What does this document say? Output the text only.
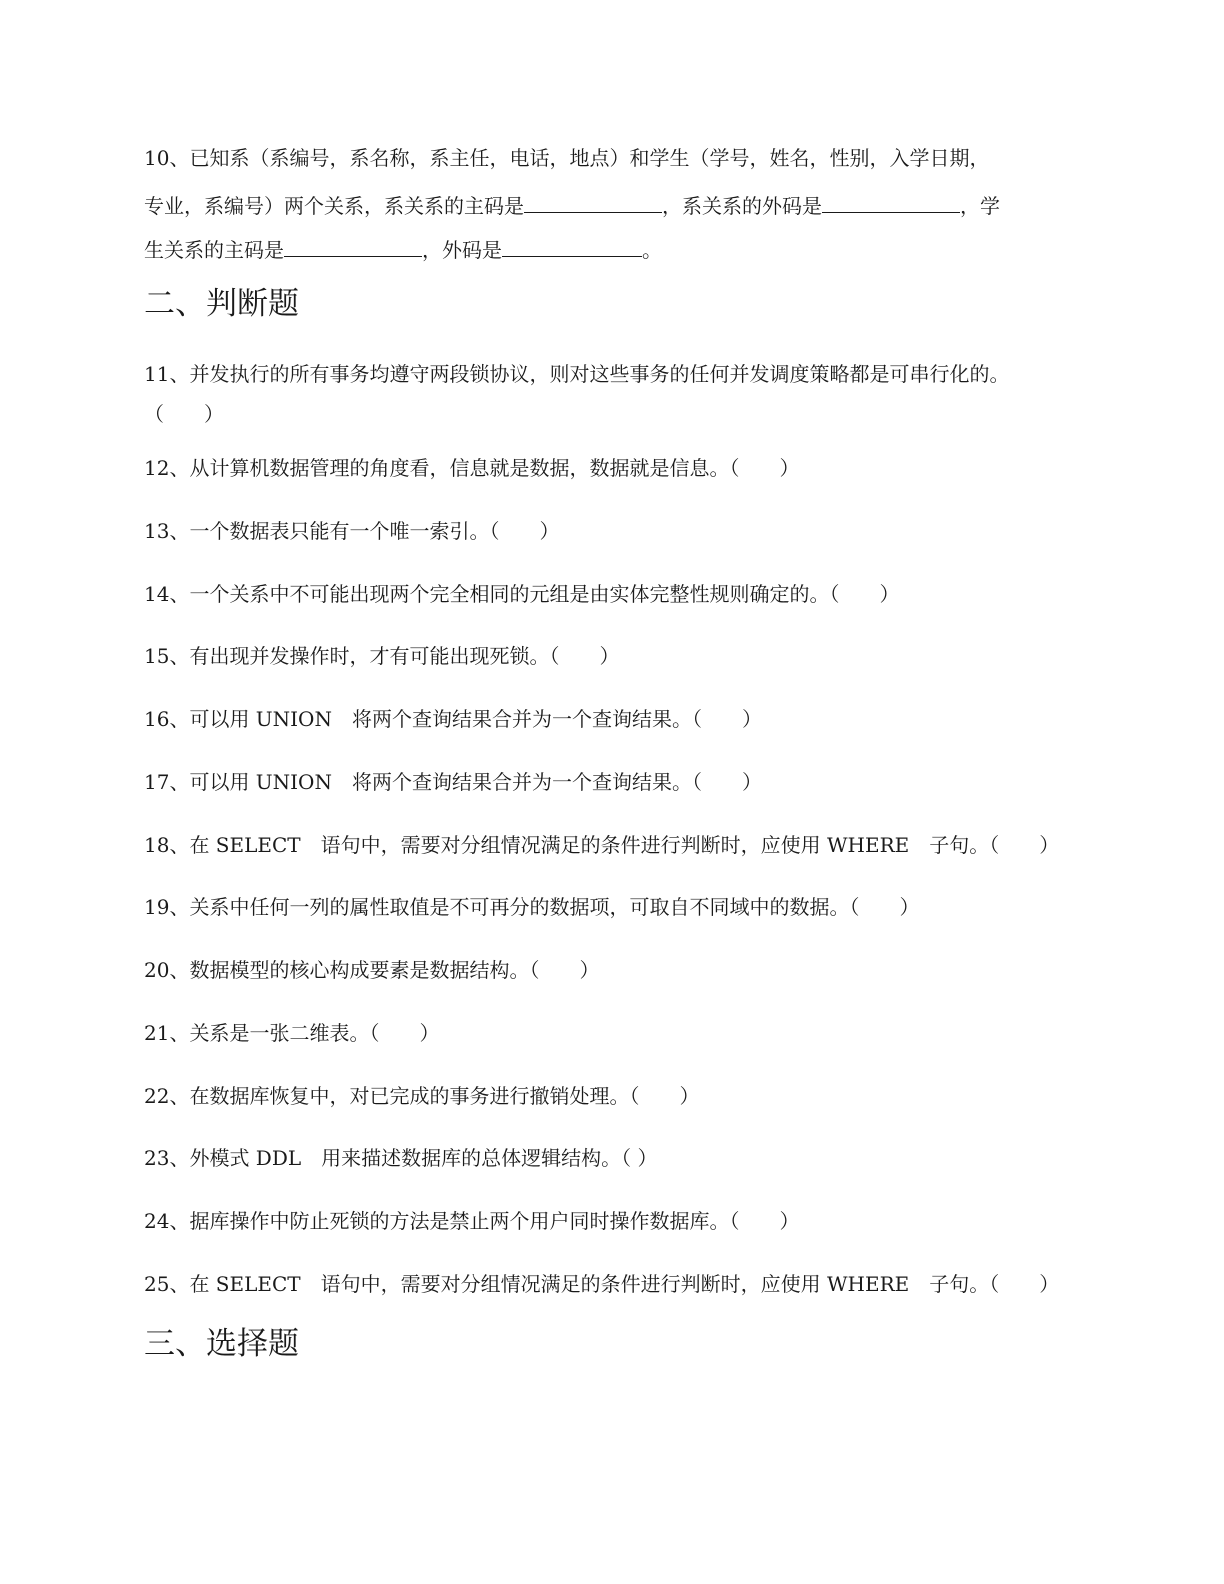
10、已知系（系编号，系名称，系主任，电话，地点）和学生（学号，姓名，性别，入学日期，
专业，系编号）两个关系，系关系的主码是	，系关系的外码是	，学
生关系的主码是	，外码是	。
二、判断题
11、并发执行的所有事务均遵守两段锁协议，则对这些事务的任何并发调度策略都是可串行化的。
（　　）
12、从计算机数据管理的角度看，信息就是数据，数据就是信息。（　　）
13、一个数据表只能有一个唯一索引。（　　）
14、一个关系中不可能出现两个完全相同的元组是由实体完整性规则确定的。（　　）
15、有出现并发操作时，才有可能出现死锁。（　　）
16、可以用 UNION　将两个查询结果合并为一个查询结果。（　　）
17、可以用 UNION　将两个查询结果合并为一个查询结果。（　　）
18、在 SELECT　语句中，需要对分组情况满足的条件进行判断时，应使用 WHERE　子句。（　　）
19、关系中任何一列的属性取值是不可再分的数据项，可取自不同域中的数据。（　　）
20、数据模型的核心构成要素是数据结构。（　　）
21、关系是一张二维表。（　　）
22、在数据库恢复中，对已完成的事务进行撤销处理。（　　）
23、外模式 DDL　用来描述数据库的总体逻辑结构。（ ）
24、据库操作中防止死锁的方法是禁止两个用户同时操作数据库。（　　）
25、在 SELECT　语句中，需要对分组情况满足的条件进行判断时，应使用 WHERE　子句。（　　）
三、选择题
